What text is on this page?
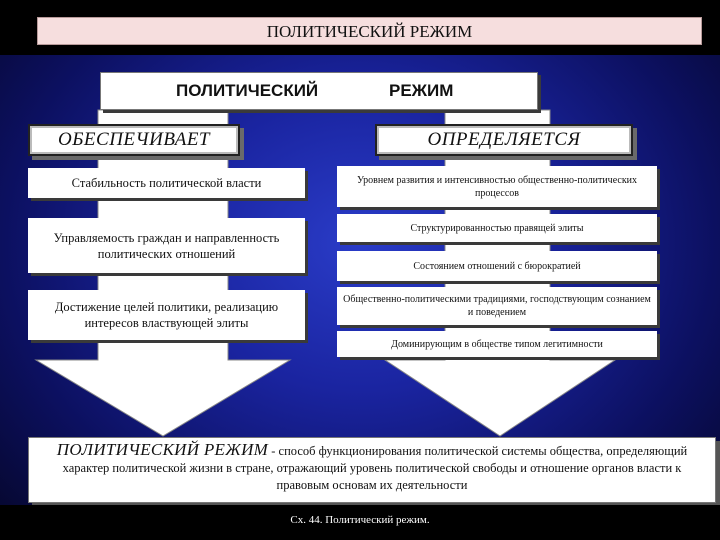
ПОЛИТИЧЕСКИЙ РЕЖИМ
ПОЛИТИЧЕСКИЙ	РЕЖИМ
ОБЕСПЕЧИВАЕТ	ОПРЕДЕЛЯЕТСЯ
Стабильность политической власти
Управляемость граждан и направленность политических отношений
Достижение целей политики, реализацию интересов властвующей элиты
Уровнем развития и интенсивностью общественно-политических процессов
Структурированностью правящей элиты
Состоянием отношений с бюрократией
Общественно-политическими традициями, господствующим сознанием и поведением
Доминирующим в обществе типом легитимности
ПОЛИТИЧЕСКИЙ РЕЖИМ - способ функционирования политической системы общества, определяющий характер политической жизни в стране, отражающий уровень политической свободы и отношение органов власти к правовым основам их деятельности
Сх. 44. Политический режим.
